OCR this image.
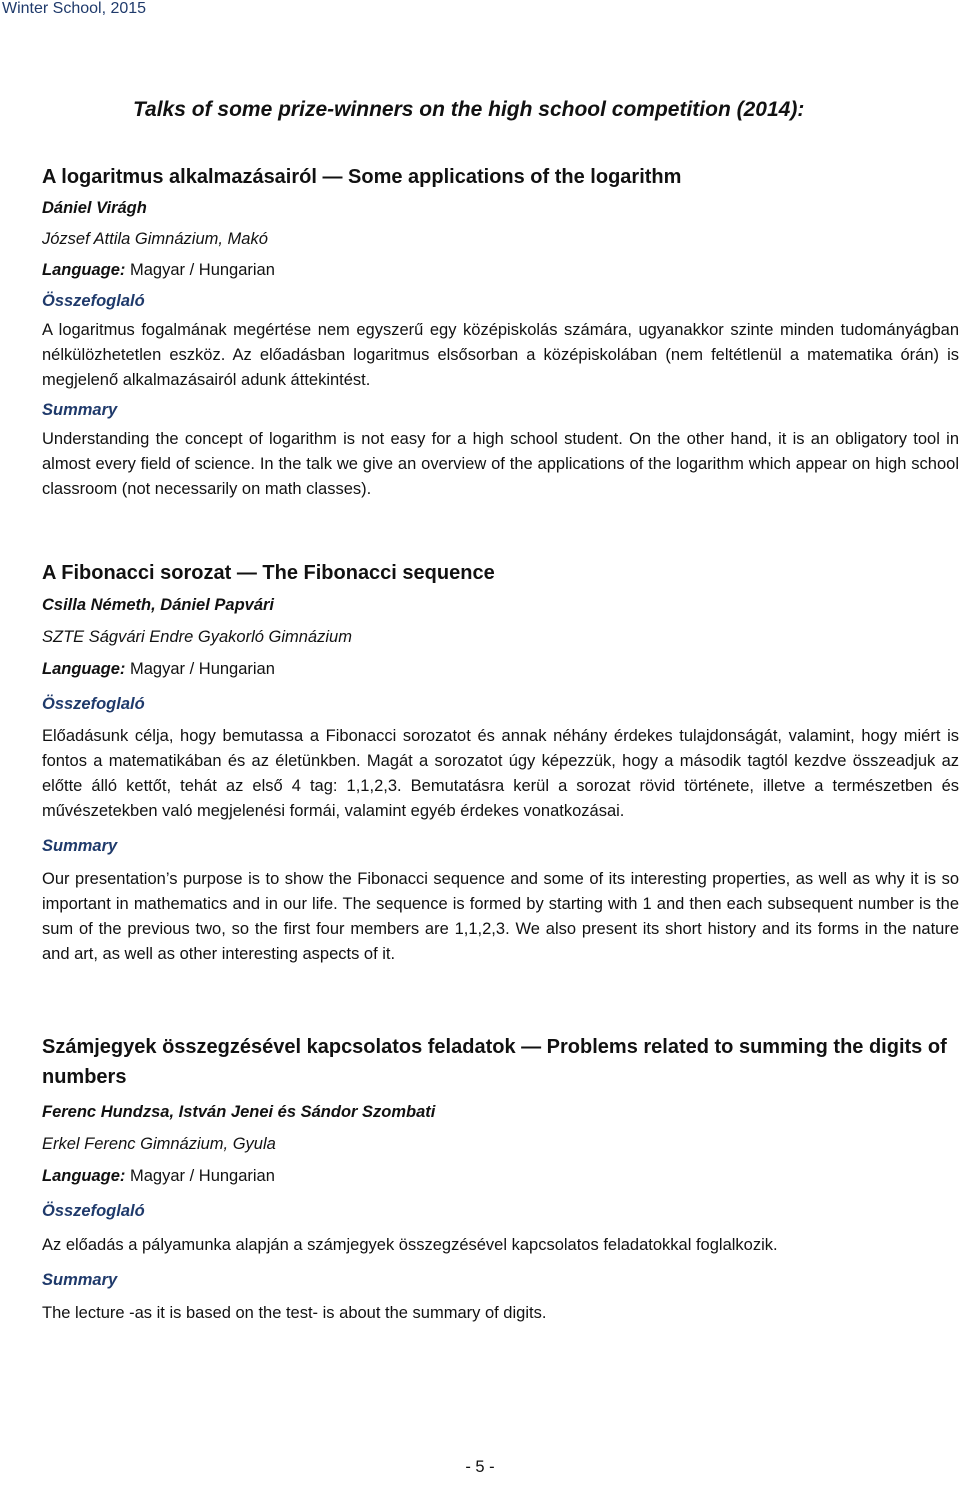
Winter School, 2015
Talks of some prize-winners on the high school competition (2014):
A logaritmus alkalmazásairól — Some applications of the logarithm

Dániel Virágh

József Attila Gimnázium, Makó

Language: Magyar / Hungarian

Összefoglaló

A logaritmus fogalmának megértése nem egyszerű egy középiskolás számára, ugyanakkor szinte minden tudományágban nélkülözhetetlen eszköz. Az előadásban logaritmus elsősorban a középiskolában (nem feltétlenül a matematika órán) is megjelenő alkalmazásairól adunk áttekintést.

Summary

Understanding the concept of logarithm is not easy for a high school student. On the other hand, it is an obligatory tool in almost every field of science. In the talk we give an overview of the applications of the logarithm which appear on high school classroom (not necessarily on math classes).

A Fibonacci sorozat — The Fibonacci sequence

Csilla Németh, Dániel Papvári

SZTE Ságvári Endre Gyakorló Gimnázium

Language: Magyar / Hungarian

Összefoglaló

Előadásunk célja, hogy bemutassa a Fibonacci sorozatot és annak néhány érdekes tulajdonságát, valamint, hogy miért is fontos a matematikában és az életünkben. Magát a sorozatot úgy képezzük, hogy a második tagtól kezdve összeadjuk az előtte álló kettőt, tehát az első 4 tag: 1,1,2,3. Bemutatásra kerül a sorozat rövid története, illetve a természetben és művészetekben való megjelenési formái, valamint egyéb érdekes vonatkozásai.

Summary

Our presentation’s purpose is to show the Fibonacci sequence and some of its interesting properties, as well as why it is so important in mathematics and in our life. The sequence is formed by starting with 1 and then each subsequent number is the sum of the previous two, so the first four members are 1,1,2,3. We also present its short history and its forms in the nature and art, as well as other interesting aspects of it.

Számjegyek összegzésével kapcsolatos feladatok — Problems related to summing the digits of numbers

Ferenc Hundzsa, István Jenei és Sándor Szombati

Erkel Ferenc Gimnázium, Gyula

Language: Magyar / Hungarian

Összefoglaló

Az előadás a pályamunka alapján a számjegyek összegzésével kapcsolatos feladatokkal foglalkozik.

Summary

The lecture -as it is based on the test- is about the summary of digits.

- 5 -
